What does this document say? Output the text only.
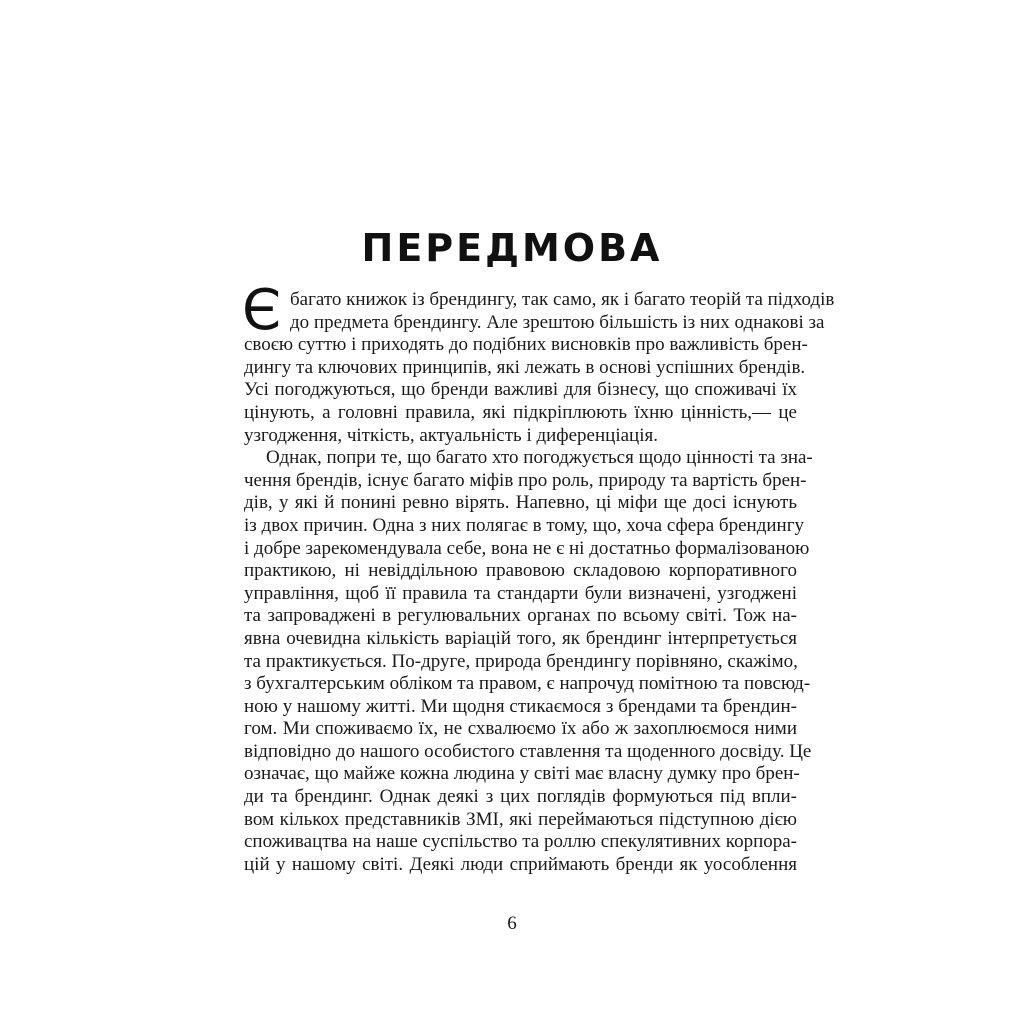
ПЕРЕДМОВА
Є багато книжок із брендингу, так само, як і багато теорій та підходів
до предмета брендингу. Але зрештою більшість із них однакові за
своєю суттю і приходять до подібних висновків про важливість брен-
дингу та ключових принципів, які лежать в основі успішних брендів.
Усі погоджуються, що бренди важливі для бізнесу, що споживачі їх
цінують, а головні правила, які підкріплюють їхню цінність,— це
узгодження, чіткість, актуальність і диференціація.
Однак, попри те, що багато хто погоджується щодо цінності та зна-
чення брендів, існує багато міфів про роль, природу та вартість брен-
дів, у які й понині ревно вірять. Напевно, ці міфи ще досі існують
із двох причин. Одна з них полягає в тому, що, хоча сфера брендингу
і добре зарекомендувала себе, вона не є ні достатньо формалізованою
практикою, ні невіддільною правовою складовою корпоративного
управління, щоб її правила та стандарти були визначені, узгоджені
та запроваджені в регулювальних органах по всьому світі. Тож на-
явна очевидна кількість варіацій того, як брендинг інтерпретується
та практикується. По-друге, природа брендингу порівняно, скажімо,
з бухгалтерським обліком та правом, є напрочуд помітною та повсюд-
ною у нашому житті. Ми щодня стикаємося з брендами та брендин-
гом. Ми споживаємо їх, не схвалюємо їх або ж захоплюємося ними
відповідно до нашого особистого ставлення та щоденного досвіду. Це
означає, що майже кожна людина у світі має власну думку про брен-
ди та брендинг. Однак деякі з цих поглядів формуються під впли-
вом кількох представників ЗМІ, які переймаються підступною дією
споживацтва на наше суспільство та роллю спекулятивних корпора-
цій у нашому світі. Деякі люди сприймають бренди як уособлення
6
